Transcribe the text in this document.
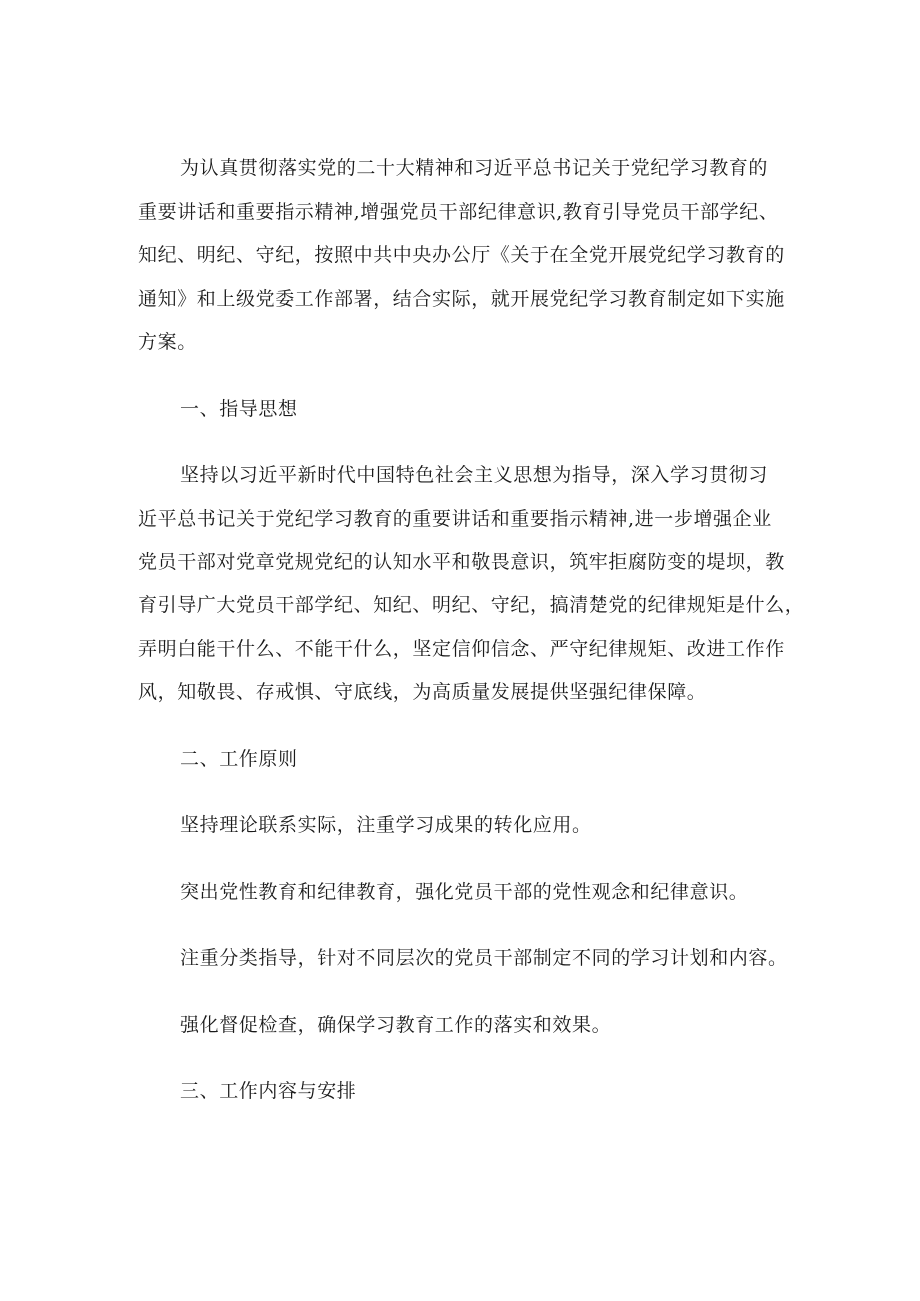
为认真贯彻落实党的二十大精神和习近平总书记关于党纪学习教育的
重要讲话和重要指示精神,增强党员干部纪律意识,教育引导党员干部学纪、
知纪、明纪、守纪，按照中共中央办公厅《关于在全党开展党纪学习教育的
通知》和上级党委工作部署，结合实际，就开展党纪学习教育制定如下实施
方案。
一、指导思想
坚持以习近平新时代中国特色社会主义思想为指导，深入学习贯彻习
近平总书记关于党纪学习教育的重要讲话和重要指示精神,进一步增强企业
党员干部对党章党规党纪的认知水平和敬畏意识，筑牢拒腐防变的堤坝，教
育引导广大党员干部学纪、知纪、明纪、守纪，搞清楚党的纪律规矩是什么，
弄明白能干什么、不能干什么，坚定信仰信念、严守纪律规矩、改进工作作
风，知敬畏、存戒惧、守底线，为高质量发展提供坚强纪律保障。
二、工作原则
坚持理论联系实际，注重学习成果的转化应用。
突出党性教育和纪律教育，强化党员干部的党性观念和纪律意识。
注重分类指导，针对不同层次的党员干部制定不同的学习计划和内容。
强化督促检查，确保学习教育工作的落实和效果。
三、工作内容与安排
